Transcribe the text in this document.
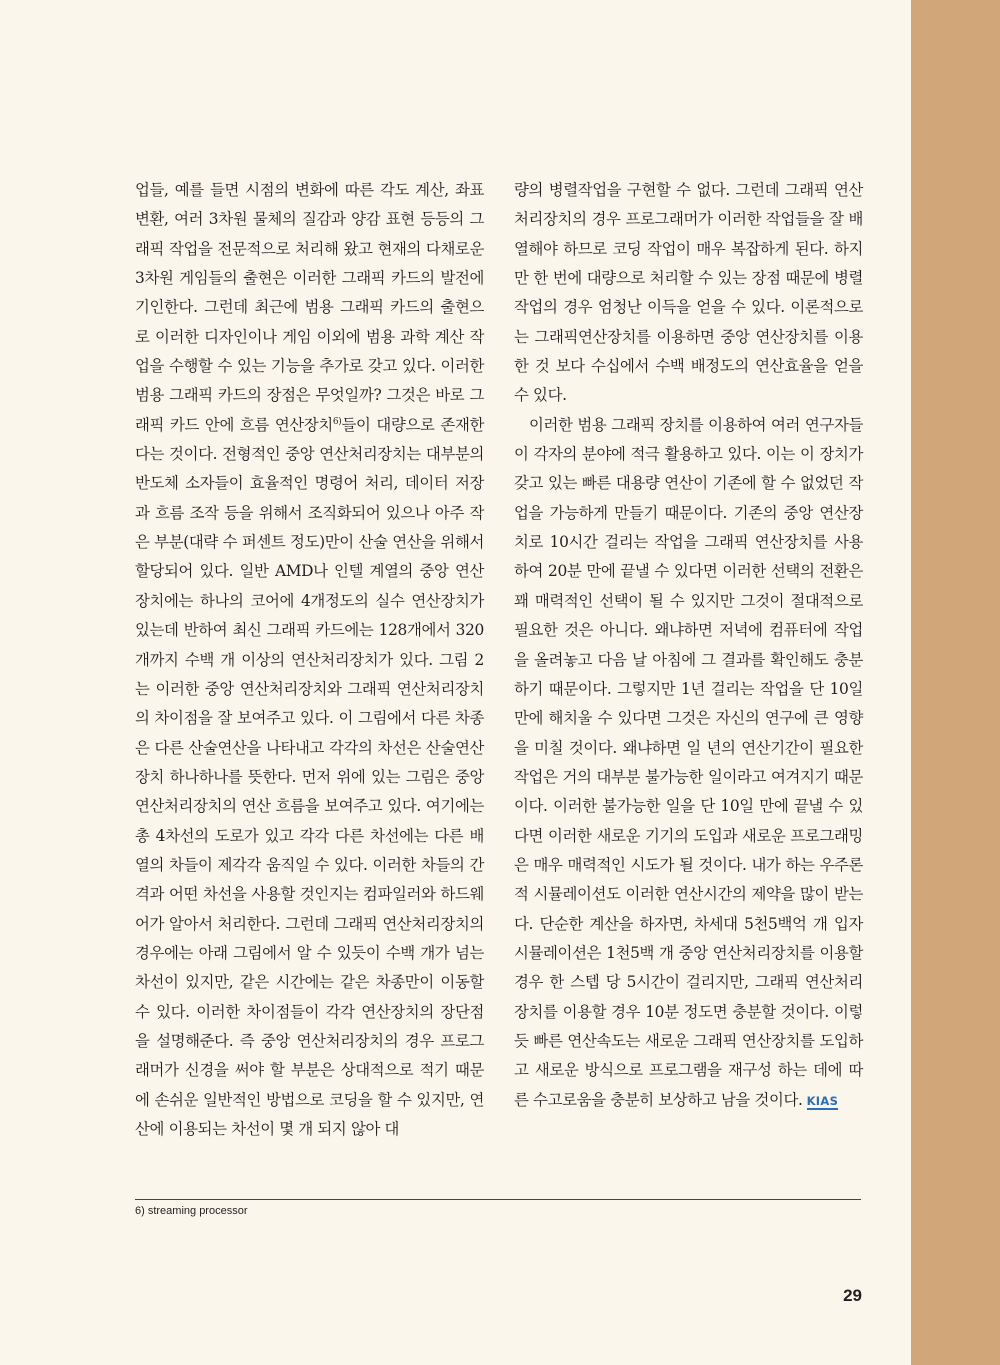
업들, 예를 들면 시점의 변화에 따른 각도 계산, 좌표 변환, 여러 3차원 물체의 질감과 양감 표현 등등의 그래픽 작업을 전문적으로 처리해 왔고 현재의 다채로운 3차원 게임들의 출현은 이러한 그래픽 카드의 발전에 기인한다. 그런데 최근에 범용 그래픽 카드의 출현으로 이러한 디자인이나 게임 이외에 범용 과학 계산 작업을 수행할 수 있는 기능을 추가로 갖고 있다. 이러한 범용 그래픽 카드의 장점은 무엇일까? 그것은 바로 그래픽 카드 안에 흐름 연산장치$^{6)}$들이 대량으로 존재한다는 것이다. 전형적인 중앙 연산처리장치는 대부분의 반도체 소자들이 효율적인 명령어 처리, 데이터 저장과 흐름 조작 등을 위해서 조직화되어 있으나 아주 작은 부분(대략 수 퍼센트 정도)만이 산술 연산을 위해서 할당되어 있다. 일반 AMD나 인텔 계열의 중앙 연산장치에는 하나의 코어에 4개정도의 실수 연산장치가 있는데 반하여 최신 그래픽 카드에는 128개에서 320개까지 수백 개 이상의 연산처리장치가 있다. 그림 2는 이러한 중앙 연산처리장치와 그래픽 연산처리장치의 차이점을 잘 보여주고 있다. 이 그림에서 다른 차종은 다른 산술연산을 나타내고 각각의 차선은 산술연산 장치 하나하나를 뜻한다. 먼저 위에 있는 그림은 중앙 연산처리장치의 연산 흐름을 보여주고 있다. 여기에는 총 4차선의 도로가 있고 각각 다른 차선에는 다른 배열의 차들이 제각각 움직일 수 있다. 이러한 차들의 간격과 어떤 차선을 사용할 것인지는 컴파일러와 하드웨어가 알아서 처리한다. 그런데 그래픽 연산처리장치의 경우에는 아래 그림에서 알 수 있듯이 수백 개가 넘는 차선이 있지만, 같은 시간에는 같은 차종만이 이동할 수 있다. 이러한 차이점들이 각각 연산장치의 장단점을 설명해준다. 즉 중앙 연산처리장치의 경우 프로그래머가 신경을 써야 할 부분은 상대적으로 적기 때문에 손쉬운 일반적인 방법으로 코딩을 할 수 있지만, 연산에 이용되는 차선이 몇 개 되지 않아 대

량의 병렬작업을 구현할 수 없다. 그런데 그래픽 연산처리장치의 경우 프로그래머가 이러한 작업들을 잘 배열해야 하므로 코딩 작업이 매우 복잡하게 된다. 하지만 한 번에 대량으로 처리할 수 있는 장점 때문에 병렬 작업의 경우 엄청난 이득을 얻을 수 있다. 이론적으로는 그래픽연산장치를 이용하면 중앙 연산장치를 이용한 것 보다 수십에서 수백 배정도의 연산효율을 얻을 수 있다.

이러한 범용 그래픽 장치를 이용하여 여러 연구자들이 각자의 분야에 적극 활용하고 있다. 이는 이 장치가 갖고 있는 빠른 대용량 연산이 기존에 할 수 없었던 작업을 가능하게 만들기 때문이다. 기존의 중앙 연산장치로 10시간 걸리는 작업을 그래픽 연산장치를 사용하여 20분 만에 끝낼 수 있다면 이러한 선택의 전환은 꽤 매력적인 선택이 될 수 있지만 그것이 절대적으로 필요한 것은 아니다. 왜냐하면 저녁에 컴퓨터에 작업을 올려놓고 다음 날 아침에 그 결과를 확인해도 충분하기 때문이다. 그렇지만 1년 걸리는 작업을 단 10일 만에 해치울 수 있다면 그것은 자신의 연구에 큰 영향을 미칠 것이다. 왜냐하면 일 년의 연산기간이 필요한 작업은 거의 대부분 불가능한 일이라고 여겨지기 때문이다. 이러한 불가능한 일을 단 10일 만에 끝낼 수 있다면 이러한 새로운 기기의 도입과 새로운 프로그래밍은 매우 매력적인 시도가 될 것이다. 내가 하는 우주론적 시뮬레이션도 이러한 연산시간의 제약을 많이 받는다. 단순한 계산을 하자면, 차세대 5천5백억 개 입자 시뮬레이션은 1천5백 개 중앙 연산처리장치를 이용할 경우 한 스텝 당 5시간이 걸리지만, 그래픽 연산처리장치를 이용할 경우 10분 정도면 충분할 것이다. 이렇듯 빠른 연산속도는 새로운 그래픽 연산장치를 도입하고 새로운 방식으로 프로그램을 재구성 하는 데에 따른 수고로움을 충분히 보상하고 남을 것이다. KIAS

6) streaming processor
29
